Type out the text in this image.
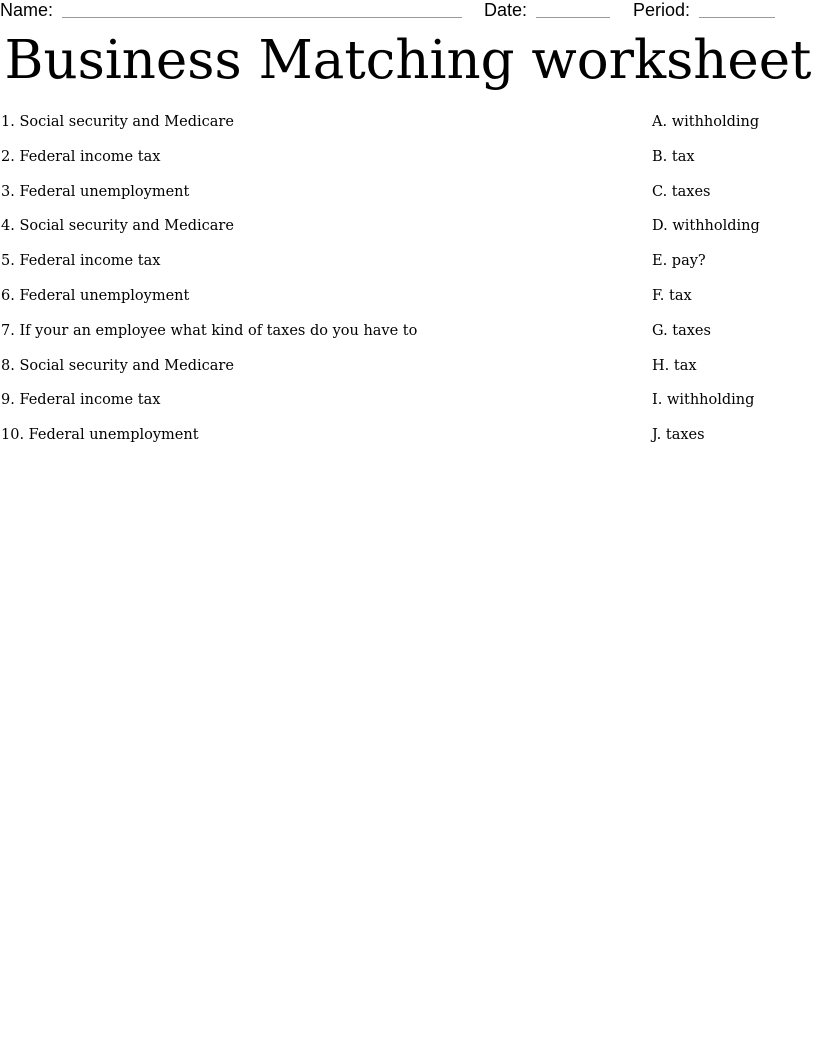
Name:	Date:	Period:
Business Matching worksheet
1. Social security and Medicare	A. withholding
2. Federal income tax	B. tax
3. Federal unemployment	C. taxes
4. Social security and Medicare	D. withholding
5. Federal income tax	E. pay?
6. Federal unemployment	F. tax
7. If your an employee what kind of taxes do you have to	G. taxes
8. Social security and Medicare	H. tax
9. Federal income tax	I. withholding
10. Federal unemployment	J. taxes
